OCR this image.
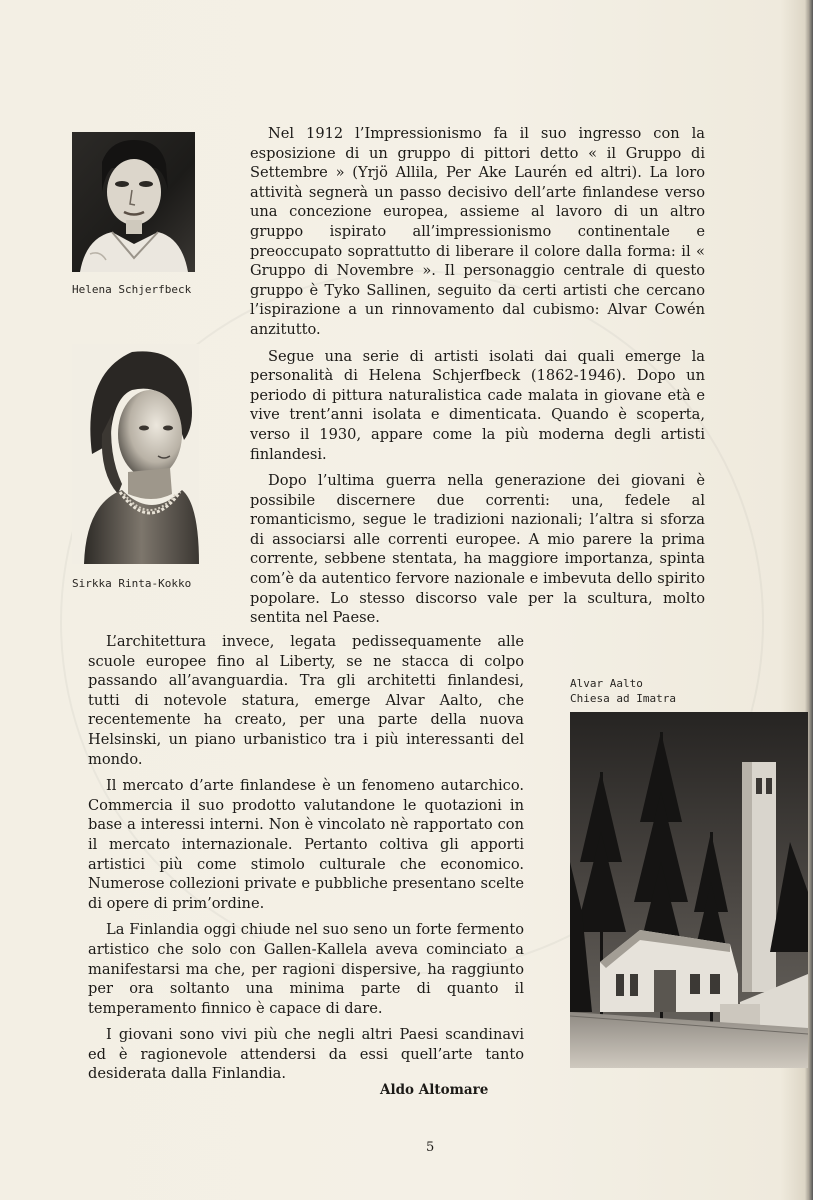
Helena Schjerfbeck
Sirkka Rinta-Kokko

Nel 1912 l’Impressionismo fa il suo ingresso con la esposizione di un gruppo di pittori detto « il Gruppo di Settembre » (Yrjö Allila, Per Ake Laurén ed altri). La loro attività segnerà un passo decisivo dell’arte finlandese verso una concezione europea, assieme al lavoro di un altro gruppo ispirato all’impressionismo continentale e preoccupato soprattutto di liberare il colore dalla forma: il « Gruppo di Novembre ». Il personaggio centrale di questo gruppo è Tyko Sallinen, seguito da certi artisti che cercano l’ispirazione a un rinnovamento dal cubismo: Alvar Cowén anzitutto.

Segue una serie di artisti isolati dai quali emerge la personalità di Helena Schjerfbeck (1862-1946). Dopo un periodo di pittura naturalistica cade malata in giovane età e vive trent’anni isolata e dimenticata. Quando è scoperta, verso il 1930, appare come la più moderna degli artisti finlandesi.

Dopo l’ultima guerra nella generazione dei giovani è possibile discernere due correnti: una, fedele al romanticismo, segue le tradizioni nazionali; l’altra si sforza di associarsi alle correnti europee. A mio parere la prima corrente, sebbene stentata, ha maggiore importanza, spinta com’è da autentico fervore nazionale e imbevuta dello spirito popolare. Lo stesso discorso vale per la scultura, molto sentita nel Paese.

L’architettura invece, legata pedissequamente alle scuole europee fino al Liberty, se ne stacca di colpo passando all’avanguardia. Tra gli architetti finlandesi, tutti di notevole statura, emerge Alvar Aalto, che recentemente ha creato, per una parte della nuova Helsinski, un piano urbanistico tra i più interessanti del mondo.

Il mercato d’arte finlandese è un fenomeno autarchico. Commercia il suo prodotto valutandone le quotazioni in base a interessi interni. Non è vincolato nè rapportato con il mercato internazionale. Pertanto coltiva gli apporti artistici più come stimolo culturale che economico. Numerose collezioni private e pubbliche presentano scelte di opere di prim’ordine.

La Finlandia oggi chiude nel suo seno un forte fermento artistico che solo con Gallen-Kallela aveva cominciato a manifestarsi ma che, per ragioni dispersive, ha raggiunto per ora soltanto una minima parte di quanto il temperamento finnico è capace di dare.

I giovani sono vivi più che negli altri Paesi scandinavi ed è ragionevole attendersi da essi quell’arte tanto desiderata dalla Finlandia.

Alvar Aalto
Chiesa ad Imatra
Aldo Altomare
5
